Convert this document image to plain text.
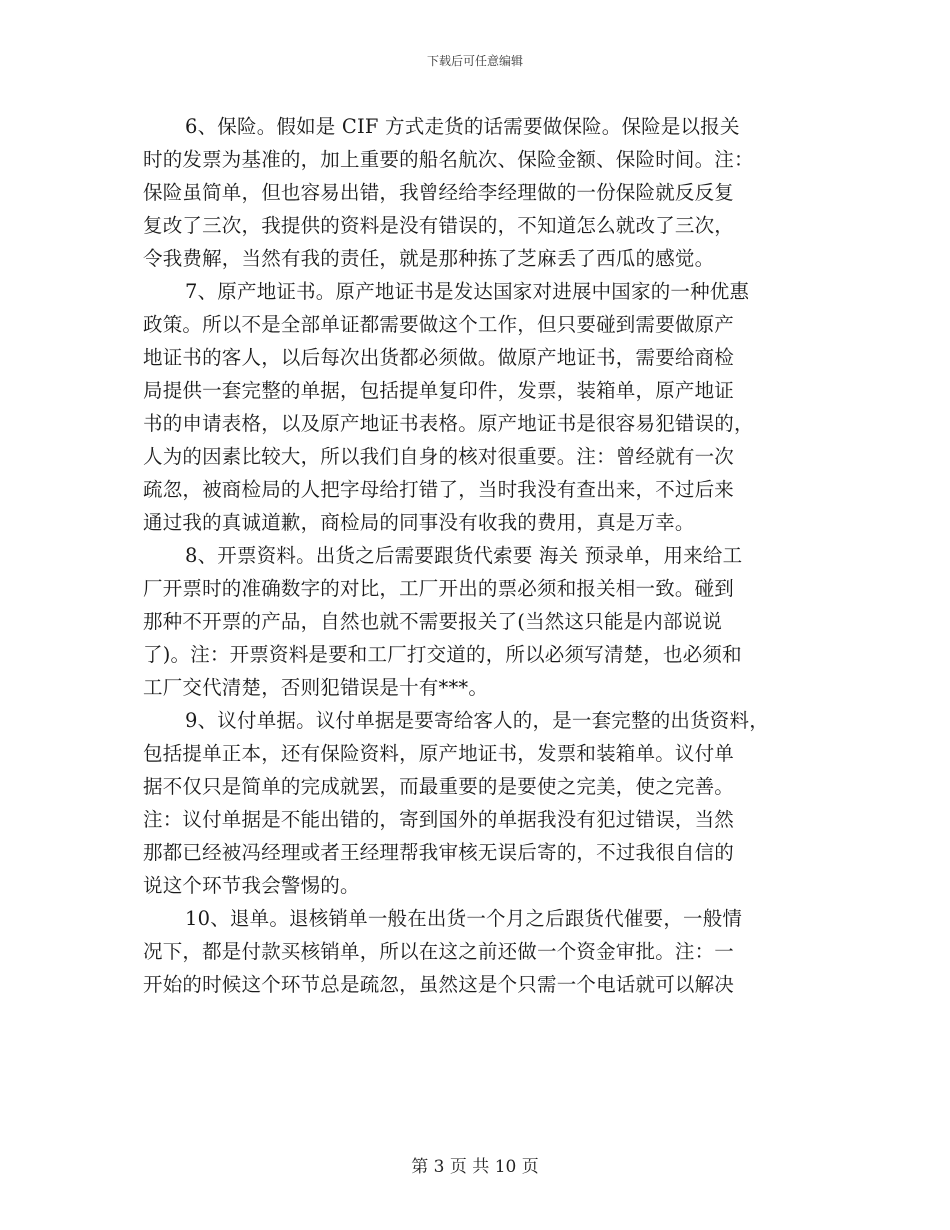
下载后可任意编辑
6、保险。假如是 CIF 方式走货的话需要做保险。保险是以报关
时的发票为基准的，加上重要的船名航次、保险金额、保险时间。注：
保险虽简单，但也容易出错，我曾经给李经理做的一份保险就反反复
复改了三次，我提供的资料是没有错误的，不知道怎么就改了三次，
令我费解，当然有我的责任，就是那种拣了芝麻丢了西瓜的感觉。
7、原产地证书。原产地证书是发达国家对进展中国家的一种优惠
政策。所以不是全部单证都需要做这个工作，但只要碰到需要做原产
地证书的客人，以后每次出货都必须做。做原产地证书，需要给商检
局提供一套完整的单据，包括提单复印件，发票，装箱单，原产地证
书的申请表格，以及原产地证书表格。原产地证书是很容易犯错误的，
人为的因素比较大，所以我们自身的核对很重要。注：曾经就有一次
疏忽，被商检局的人把字母给打错了，当时我没有查出来，不过后来
通过我的真诚道歉，商检局的同事没有收我的费用，真是万幸。
8、开票资料。出货之后需要跟货代索要 海关 预录单，用来给工
厂开票时的准确数字的对比，工厂开出的票必须和报关相一致。碰到
那种不开票的产品，自然也就不需要报关了(当然这只能是内部说说
了)。注：开票资料是要和工厂打交道的，所以必须写清楚，也必须和
工厂交代清楚，否则犯错误是十有***。
9、议付单据。议付单据是要寄给客人的，是一套完整的出货资料，
包括提单正本，还有保险资料，原产地证书，发票和装箱单。议付单
据不仅只是简单的完成就罢，而最重要的是要使之完美，使之完善。
注：议付单据是不能出错的，寄到国外的单据我没有犯过错误，当然
那都已经被冯经理或者王经理帮我审核无误后寄的，不过我很自信的
说这个环节我会警惕的。
10、退单。退核销单一般在出货一个月之后跟货代催要，一般情
况下，都是付款买核销单，所以在这之前还做一个资金审批。注：一
开始的时候这个环节总是疏忽，虽然这是个只需一个电话就可以解决
第 3 页 共 10 页
